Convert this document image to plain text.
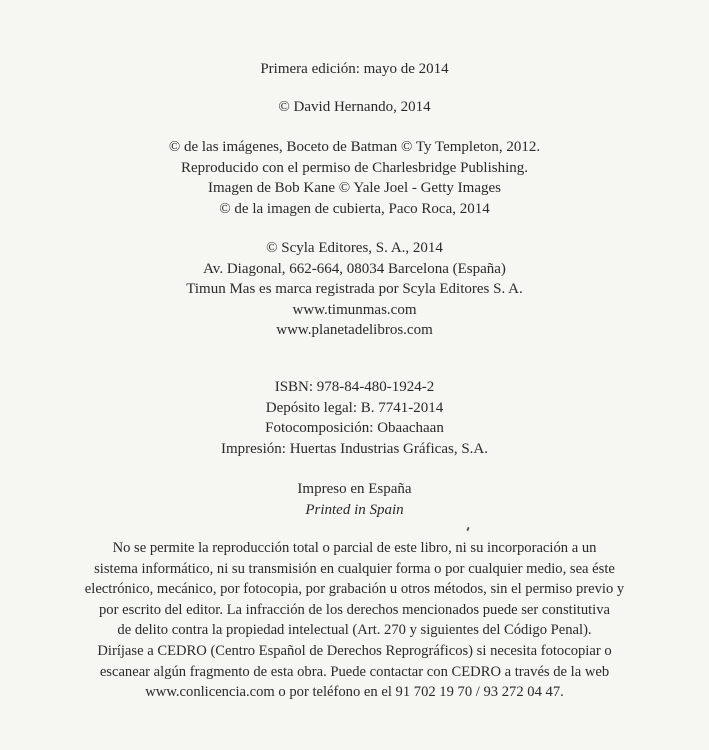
Primera edición: mayo de 2014
© David Hernando, 2014
© de las imágenes, Boceto de Batman © Ty Templeton, 2012.
Reproducido con el permiso de Charlesbridge Publishing.
Imagen de Bob Kane © Yale Joel - Getty Images
© de la imagen de cubierta, Paco Roca, 2014
© Scyla Editores, S. A., 2014
Av. Diagonal, 662-664, 08034 Barcelona (España)
Timun Mas es marca registrada por Scyla Editores S. A.
www.timunmas.com
www.planetadelibros.com
ISBN: 978-84-480-1924-2
Depósito legal: B. 7741-2014
Fotocomposición: Obaachaan
Impresión: Huertas Industrias Gráficas, S.A.
Impreso en España
Printed in Spain
No se permite la reproducción total o parcial de este libro, ni su incorporación a un
sistema informático, ni su transmisión en cualquier forma o por cualquier medio, sea éste
electrónico, mecánico, por fotocopia, por grabación u otros métodos, sin el permiso previo y
por escrito del editor. La infracción de los derechos mencionados puede ser constitutiva
de delito contra la propiedad intelectual (Art. 270 y siguientes del Código Penal).
Diríjase a CEDRO (Centro Español de Derechos Reprográficos) si necesita fotocopiar o
escanear algún fragmento de esta obra. Puede contactar con CEDRO a través de la web
www.conlicencia.com o por teléfono en el 91 702 19 70 / 93 272 04 47.
